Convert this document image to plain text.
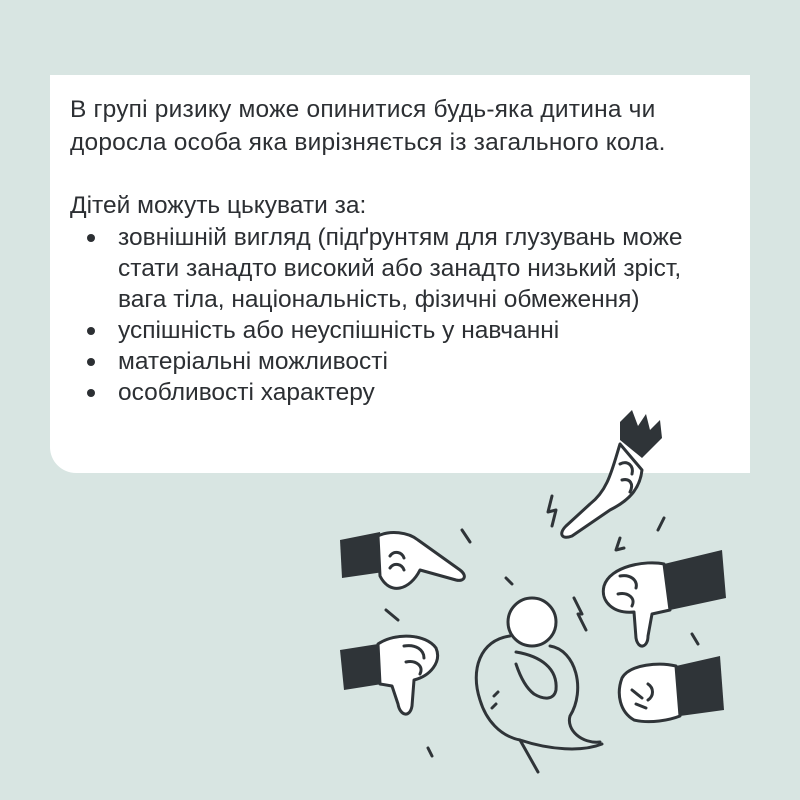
В групі ризику може опинитися будь-яка дитина чи доросла особа яка вирізняється із загального кола.

Дітей можуть цькувати за:

зовнішній вигляд (підґрунтям для глузувань може стати занадто високий або занадто низький зріст, вага тіла, національність, фізичні обмеження)
успішність або неуспішність у навчанні
матеріальні можливості
особливості характеру
